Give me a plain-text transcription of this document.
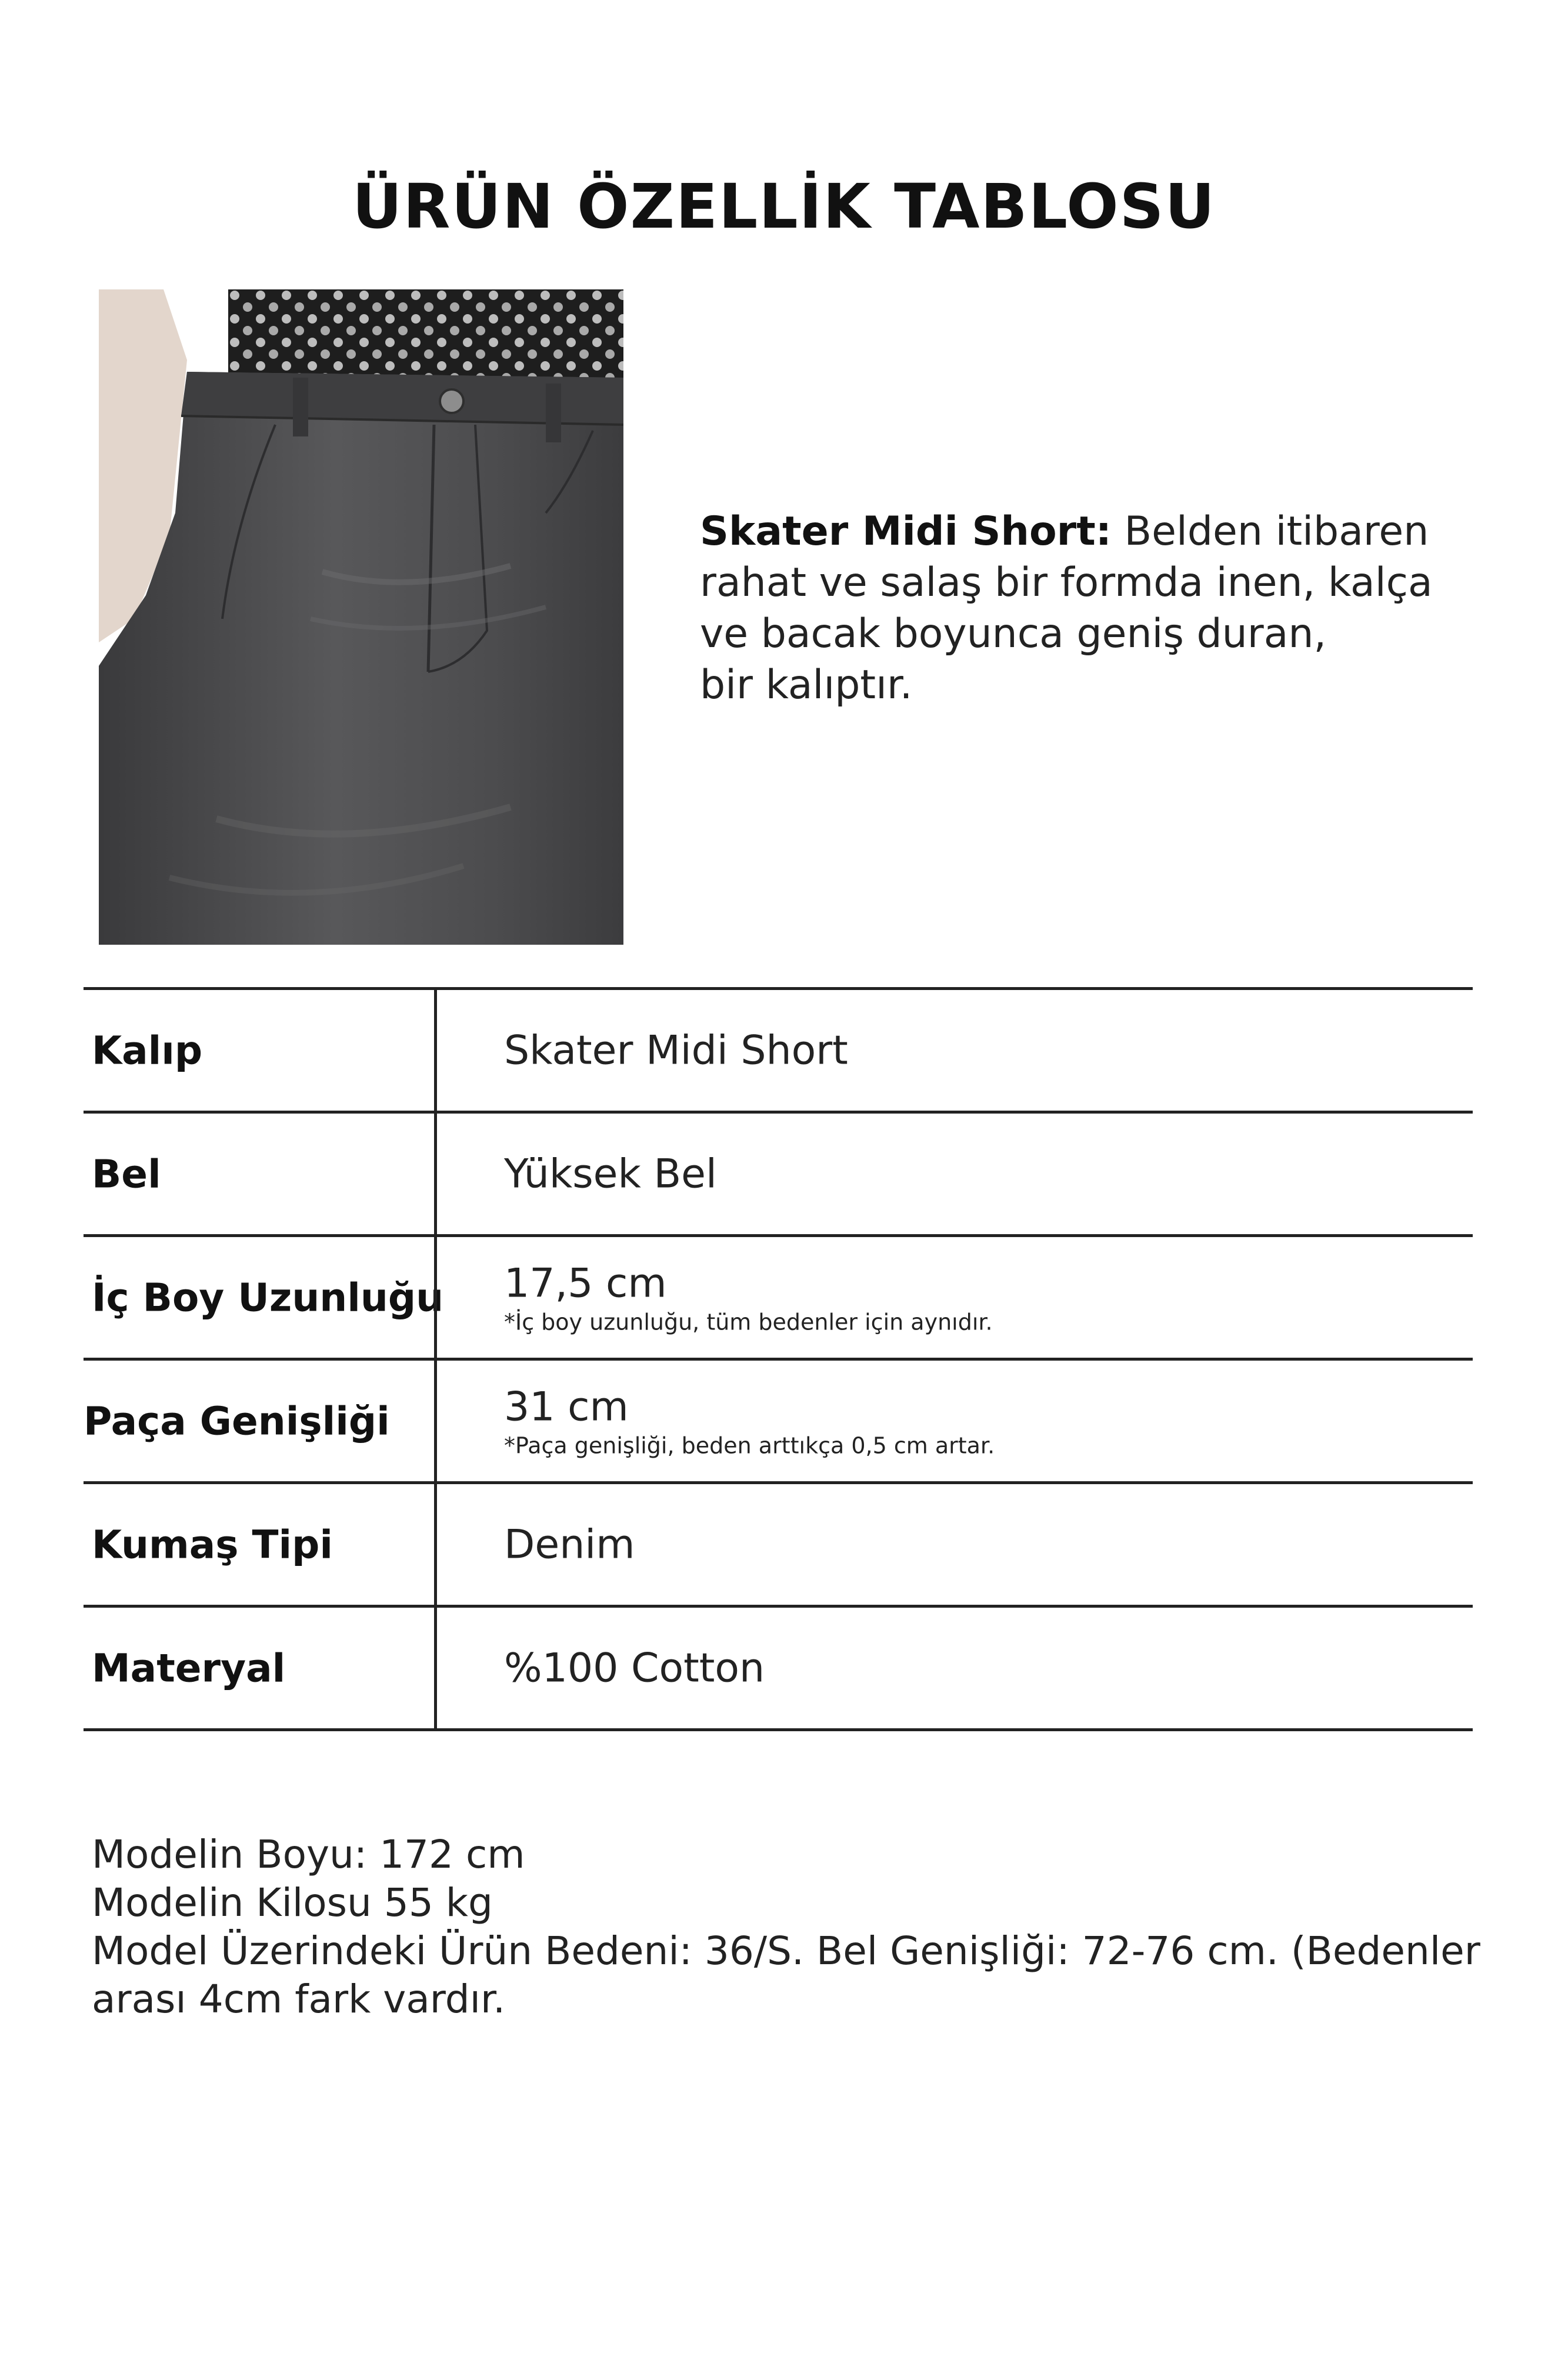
ÜRÜN ÖZELLİK TABLOSU
Skater Midi Short: Belden itibaren
rahat ve salaş bir formda inen, kalça
ve bacak boyunca geniş duran,
bir kalıptır.
Kalıp	Skater Midi Short
Bel	Yüksek Bel
İç Boy Uzunluğu 17,5 cm
*İç boy uzunluğu, tüm bedenler için aynıdır.
Paça Genişliği	31 cm
*Paça genişliği, beden arttıkça 0,5 cm artar.
Kumaş Tipi	Denim
Materyal	%100 Cotton
Modelin Boyu: 172 cm
Modelin Kilosu 55 kg
Model Üzerindeki Ürün Bedeni: 36/S. Bel Genişliği: 72-76 cm. (Bedenler
arası 4cm fark vardır.
